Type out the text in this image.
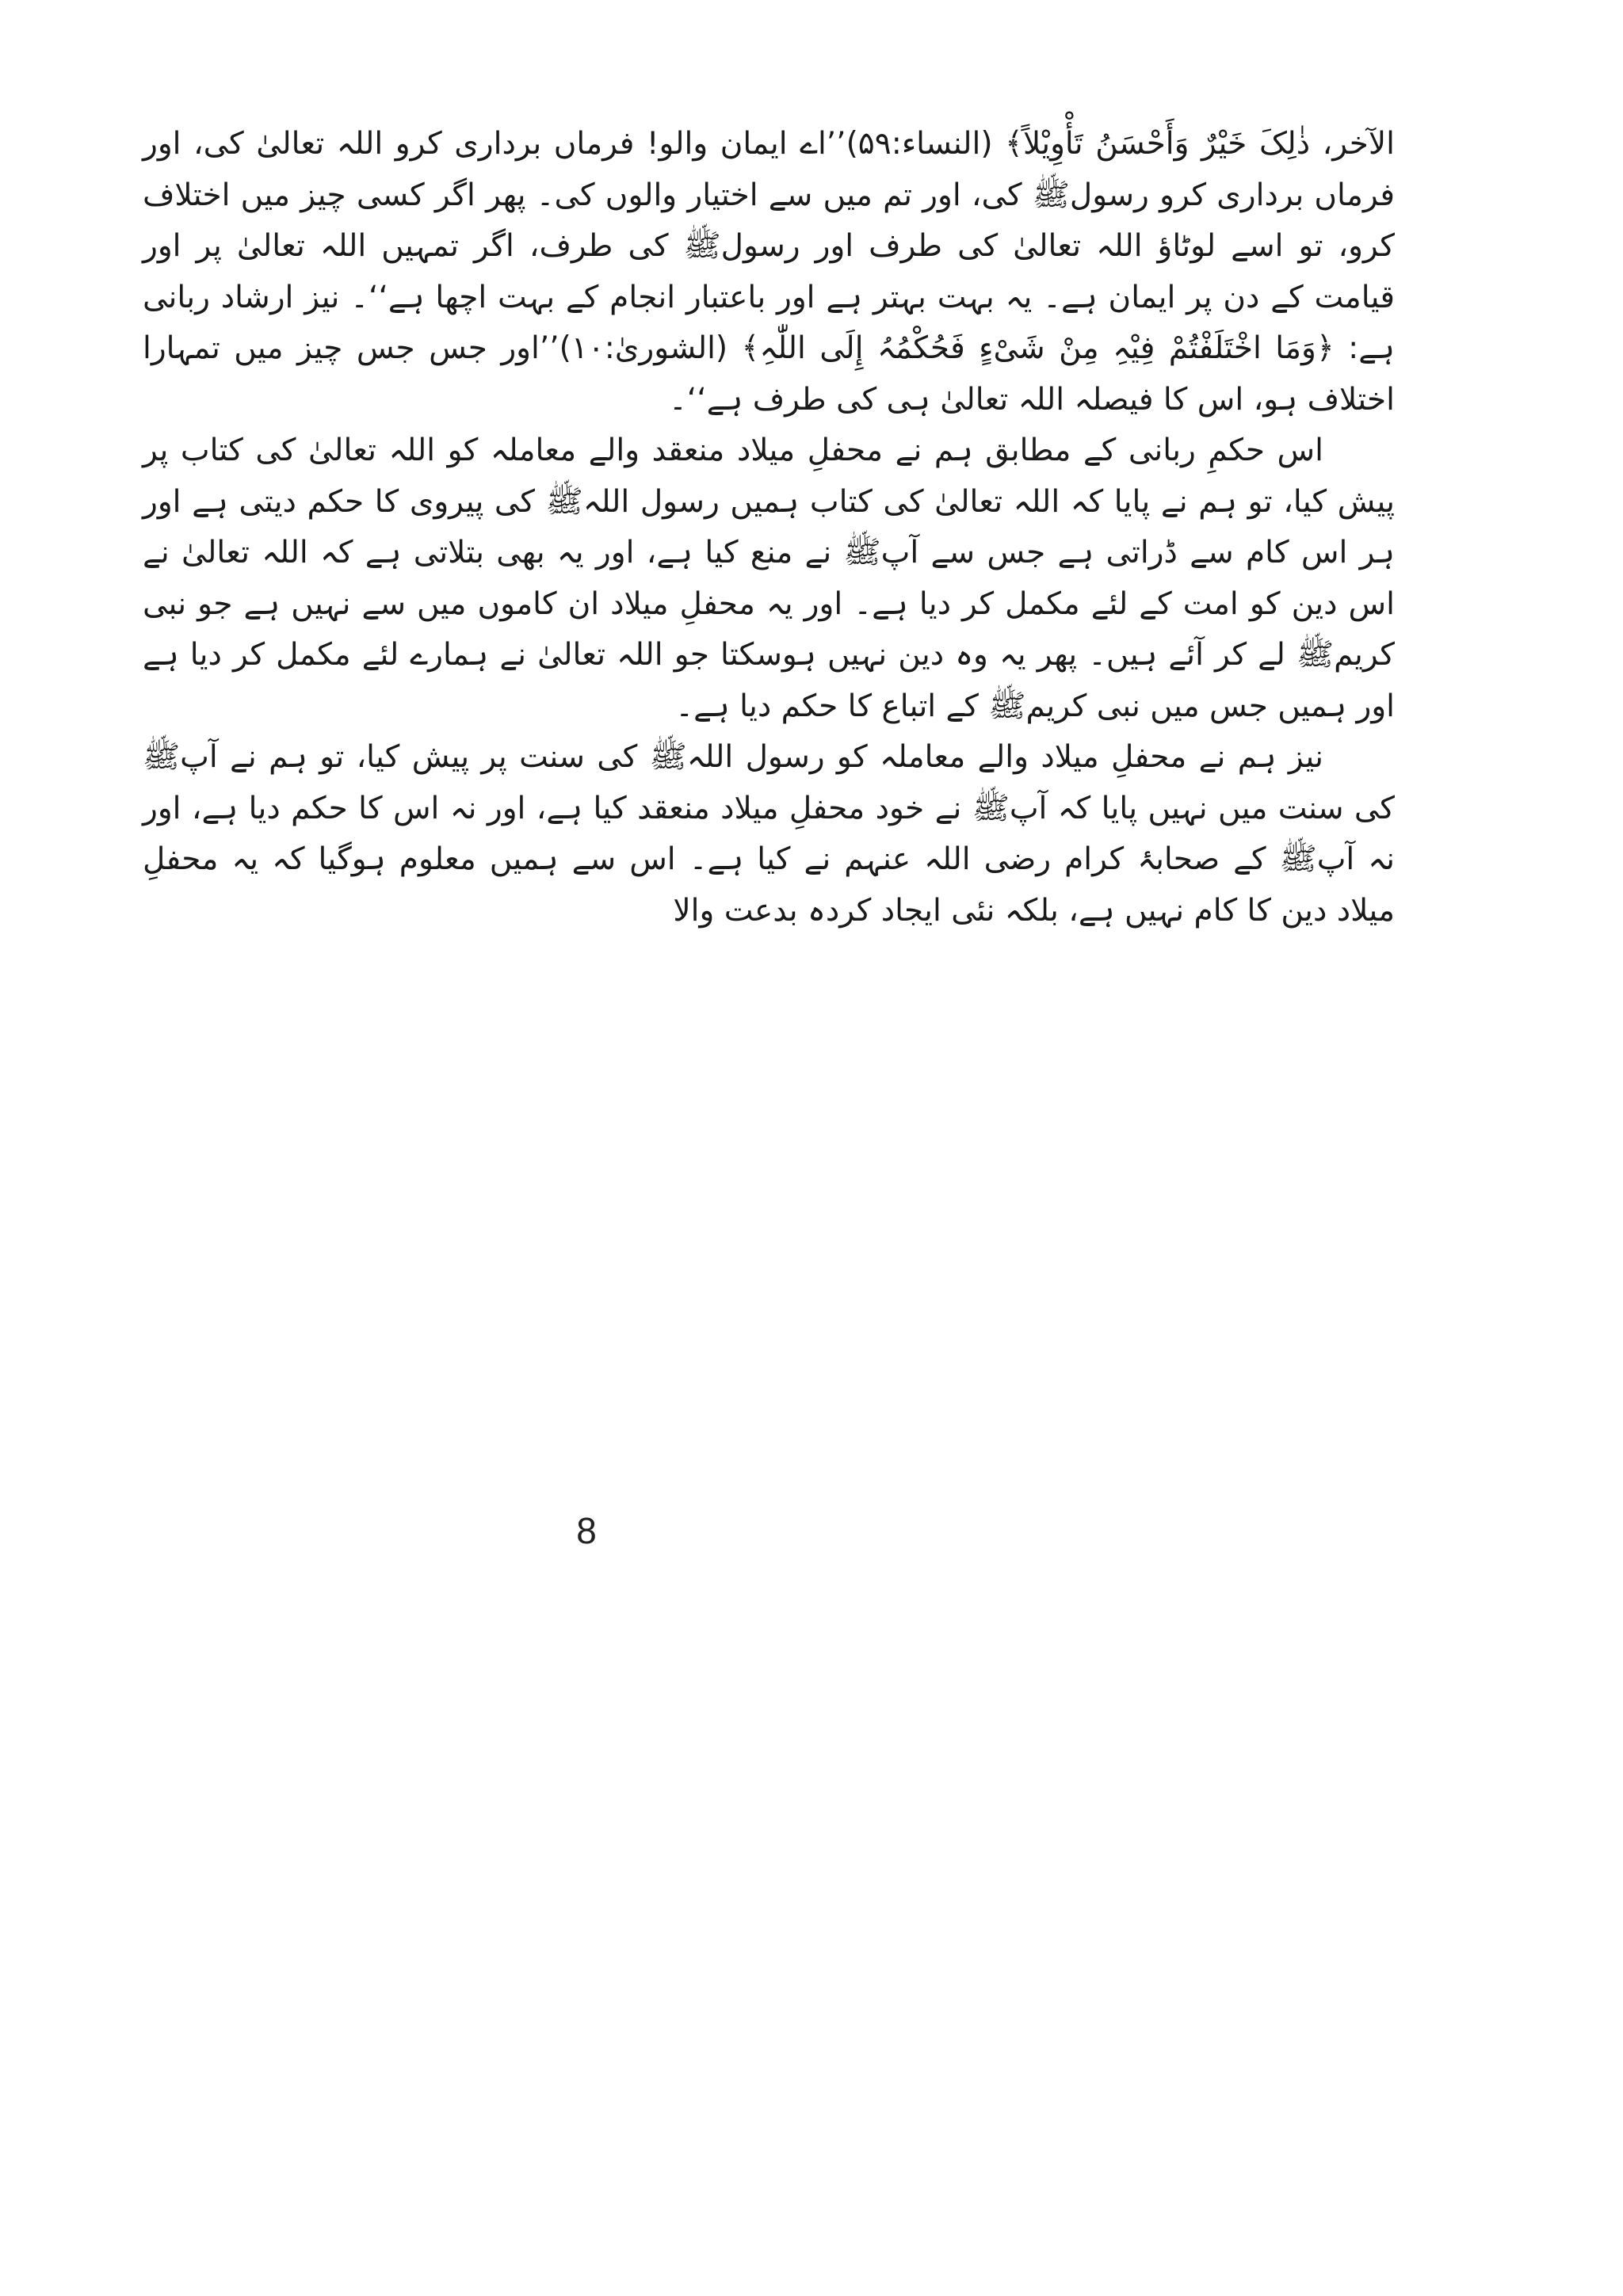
الآخر، ذٰلِکَ خَیْرٌ وَأَحْسَنُ تَأْوِیْلاً﴾ (النساء:۵۹)’’اے ایمان والو! فرماں برداری کرو اللہ تعالیٰ کی، اور فرماں برداری کرو رسولﷺ کی، اور تم میں سے اختیار والوں کی۔ پھر اگر کسی چیز میں اختلاف کرو، تو اسے لوٹاؤ اللہ تعالیٰ کی طرف اور رسولﷺ کی طرف، اگر تمہیں اللہ تعالیٰ پر اور قیامت کے دن پر ایمان ہے۔ یہ بہت بہتر ہے اور باعتبار انجام کے بہت اچھا ہے‘‘۔ نیز ارشاد ربانی ہے: ﴿وَمَا اخْتَلَفْتُمْ فِیْہِ مِنْ شَیْءٍ فَحُکْمُہُ إِلَی اللّٰہِ﴾ (الشوریٰ:۱۰)’’اور جس جس چیز میں تمہارا اختلاف ہو، اس کا فیصلہ اللہ تعالیٰ ہی کی طرف ہے‘‘۔

اس حکمِ ربانی کے مطابق ہم نے محفلِ میلاد منعقد والے معاملہ کو اللہ تعالیٰ کی کتاب پر پیش کیا، تو ہم نے پایا کہ اللہ تعالیٰ کی کتاب ہمیں رسول اللہﷺ کی پیروی کا حکم دیتی ہے اور ہر اس کام سے ڈراتی ہے جس سے آپﷺ نے منع کیا ہے، اور یہ بھی بتلاتی ہے کہ اللہ تعالیٰ نے اس دین کو امت کے لئے مکمل کر دیا ہے۔ اور یہ محفلِ میلاد ان کاموں میں سے نہیں ہے جو نبی کریمﷺ لے کر آئے ہیں۔ پھر یہ وہ دین نہیں ہوسکتا جو اللہ تعالیٰ نے ہمارے لئے مکمل کر دیا ہے اور ہمیں جس میں نبی کریمﷺ کے اتباع کا حکم دیا ہے۔

نیز ہم نے محفلِ میلاد والے معاملہ کو رسول اللہﷺ کی سنت پر پیش کیا، تو ہم نے آپﷺ کی سنت میں نہیں پایا کہ آپﷺ نے خود محفلِ میلاد منعقد کیا ہے، اور نہ اس کا حکم دیا ہے، اور نہ آپﷺ کے صحابۂ کرام رضی اللہ عنہم نے کیا ہے۔ اس سے ہمیں معلوم ہوگیا کہ یہ محفلِ میلاد دین کا کام نہیں ہے، بلکہ نئی ایجاد کردہ بدعت والا

8
